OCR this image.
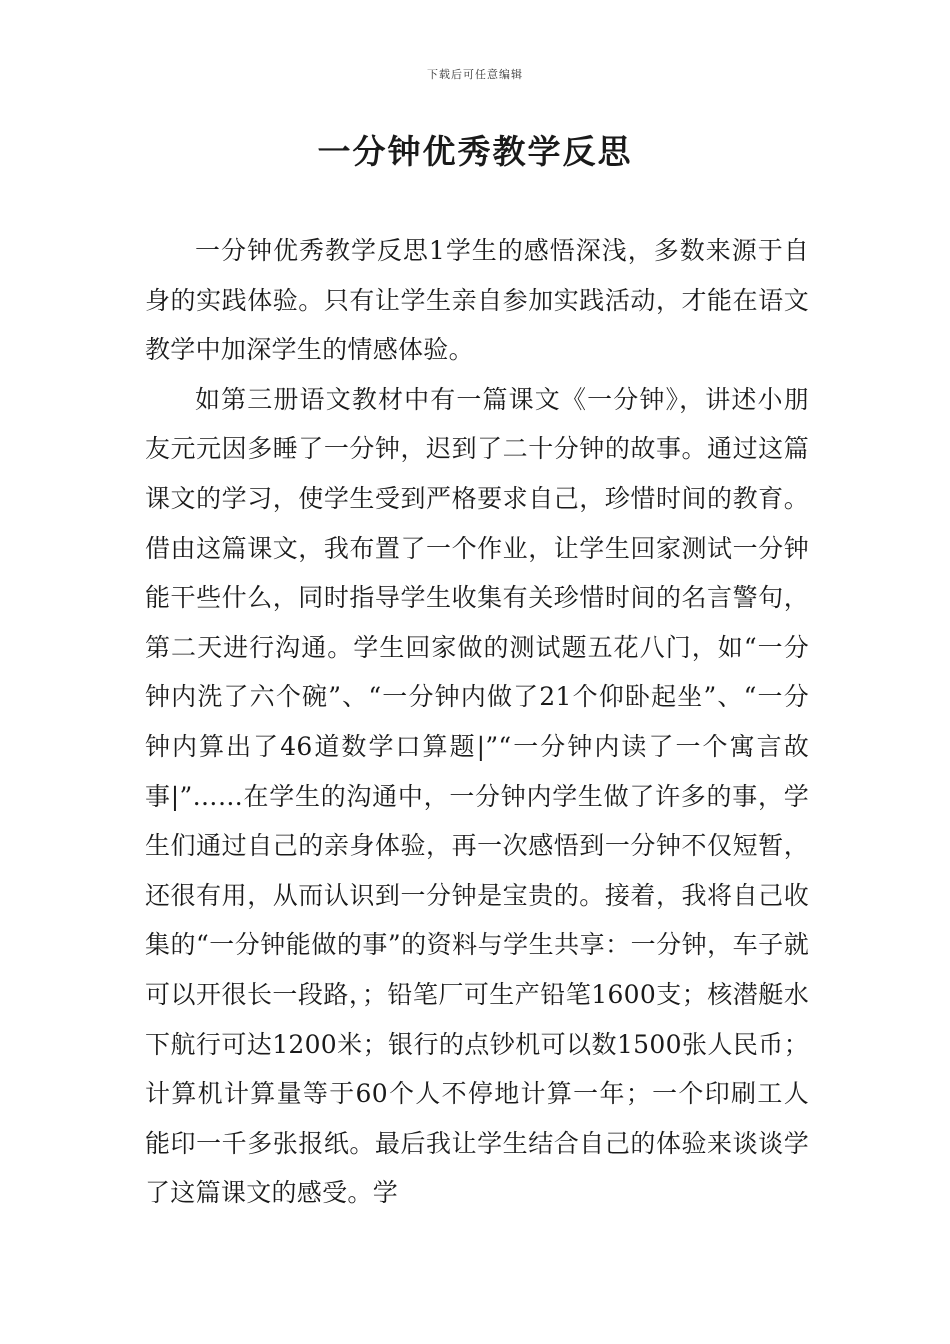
下载后可任意编辑
一分钟优秀教学反思

一分钟优秀教学反思1学生的感悟深浅，多数来源于自身的实践体验。只有让学生亲自参加实践活动，才能在语文教学中加深学生的情感体验。

如第三册语文教材中有一篇课文《一分钟》，讲述小朋友元元因多睡了一分钟，迟到了二十分钟的故事。通过这篇课文的学习，使学生受到严格要求自己，珍惜时间的教育。借由这篇课文，我布置了一个作业，让学生回家测试一分钟能干些什么，同时指导学生收集有关珍惜时间的名言警句，第二天进行沟通。学生回家做的测试题五花八门，如“一分钟内洗了六个碗”、“一分钟内做了21个仰卧起坐”、“一分钟内算出了46道数学口算题|”“一分钟内读了一个寓言故事|”……在学生的沟通中，一分钟内学生做了许多的事，学生们通过自己的亲身体验，再一次感悟到一分钟不仅短暂，还很有用，从而认识到一分钟是宝贵的。接着，我将自己收集的“一分钟能做的事”的资料与学生共享：一分钟，车子就可以开很长一段路，；铅笔厂可生产铅笔1600支；核潜艇水下航行可达1200米；银行的点钞机可以数1500张人民币；计算机计算量等于60个人不停地计算一年；一个印刷工人能印一千多张报纸。最后我让学生结合自己的体验来谈谈学了这篇课文的感受。学
